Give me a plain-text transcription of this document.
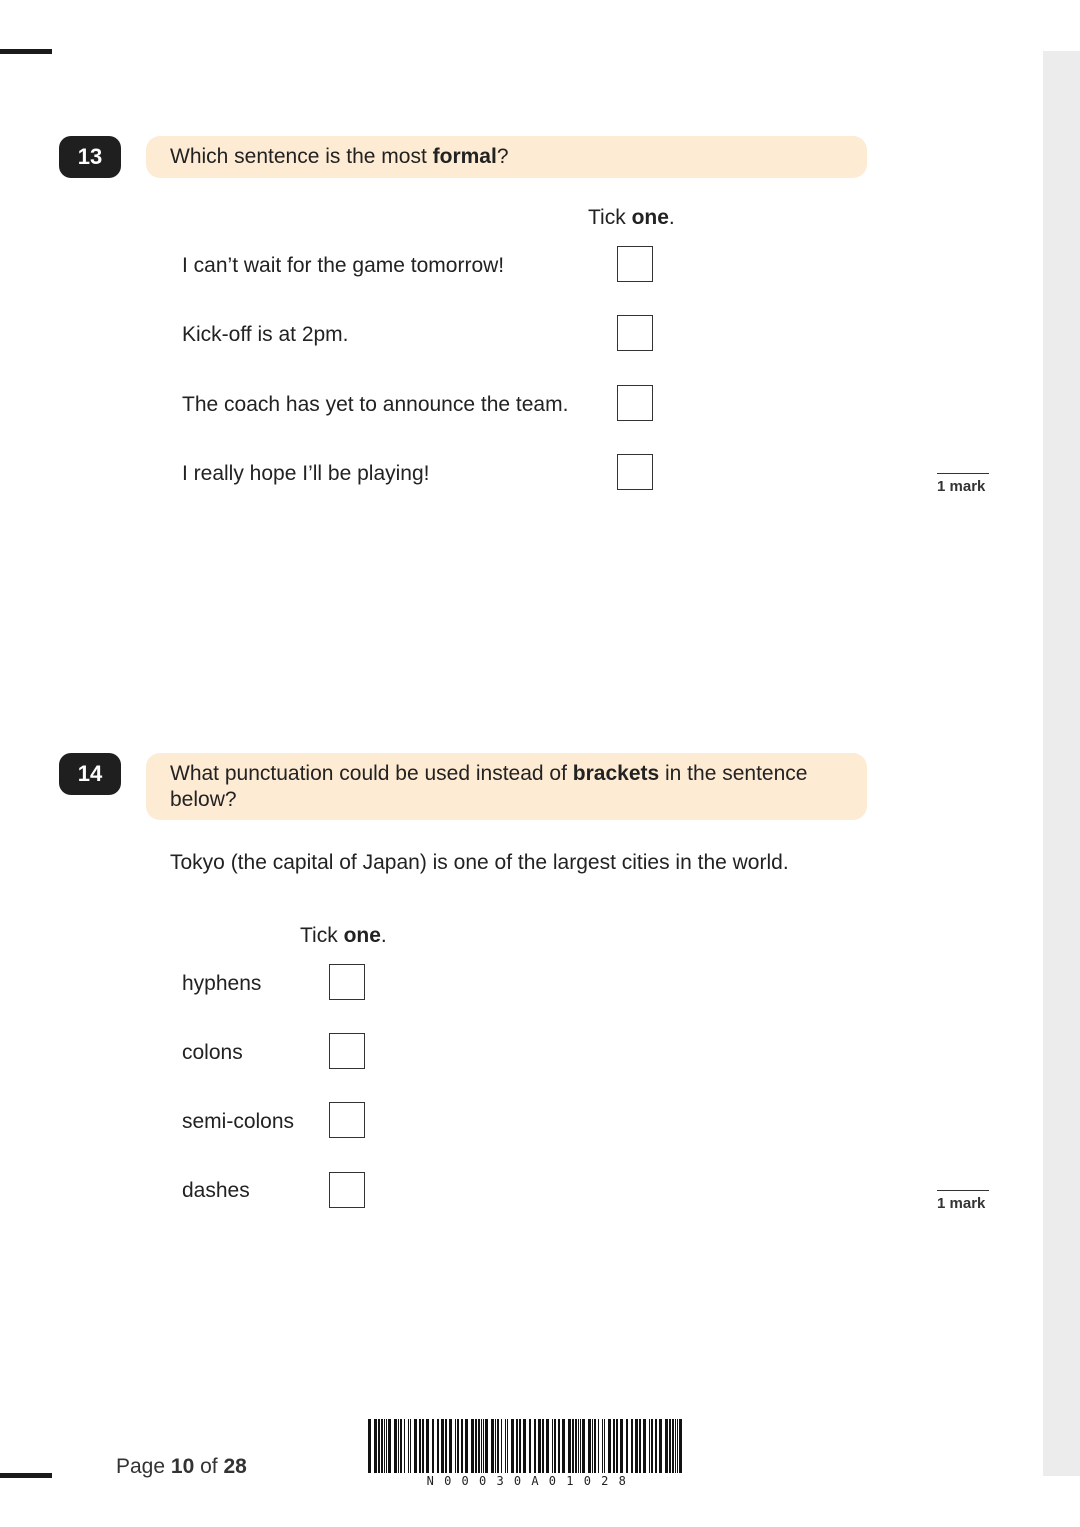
13	Which sentence is the most formal?
Tick one.
I can’t wait for the game tomorrow!
Kick-off is at 2pm.
The coach has yet to announce the team.
I really hope I’ll be playing!
1 mark
14	What punctuation could be used instead of brackets in the sentence below?
Tokyo (the capital of Japan) is one of the largest cities in the world.
Tick one.
hyphens
colons
semi-colons
dashes
1 mark
Page 10 of 28
N 0 0 0 3 0 A 0 1 0 2 8
